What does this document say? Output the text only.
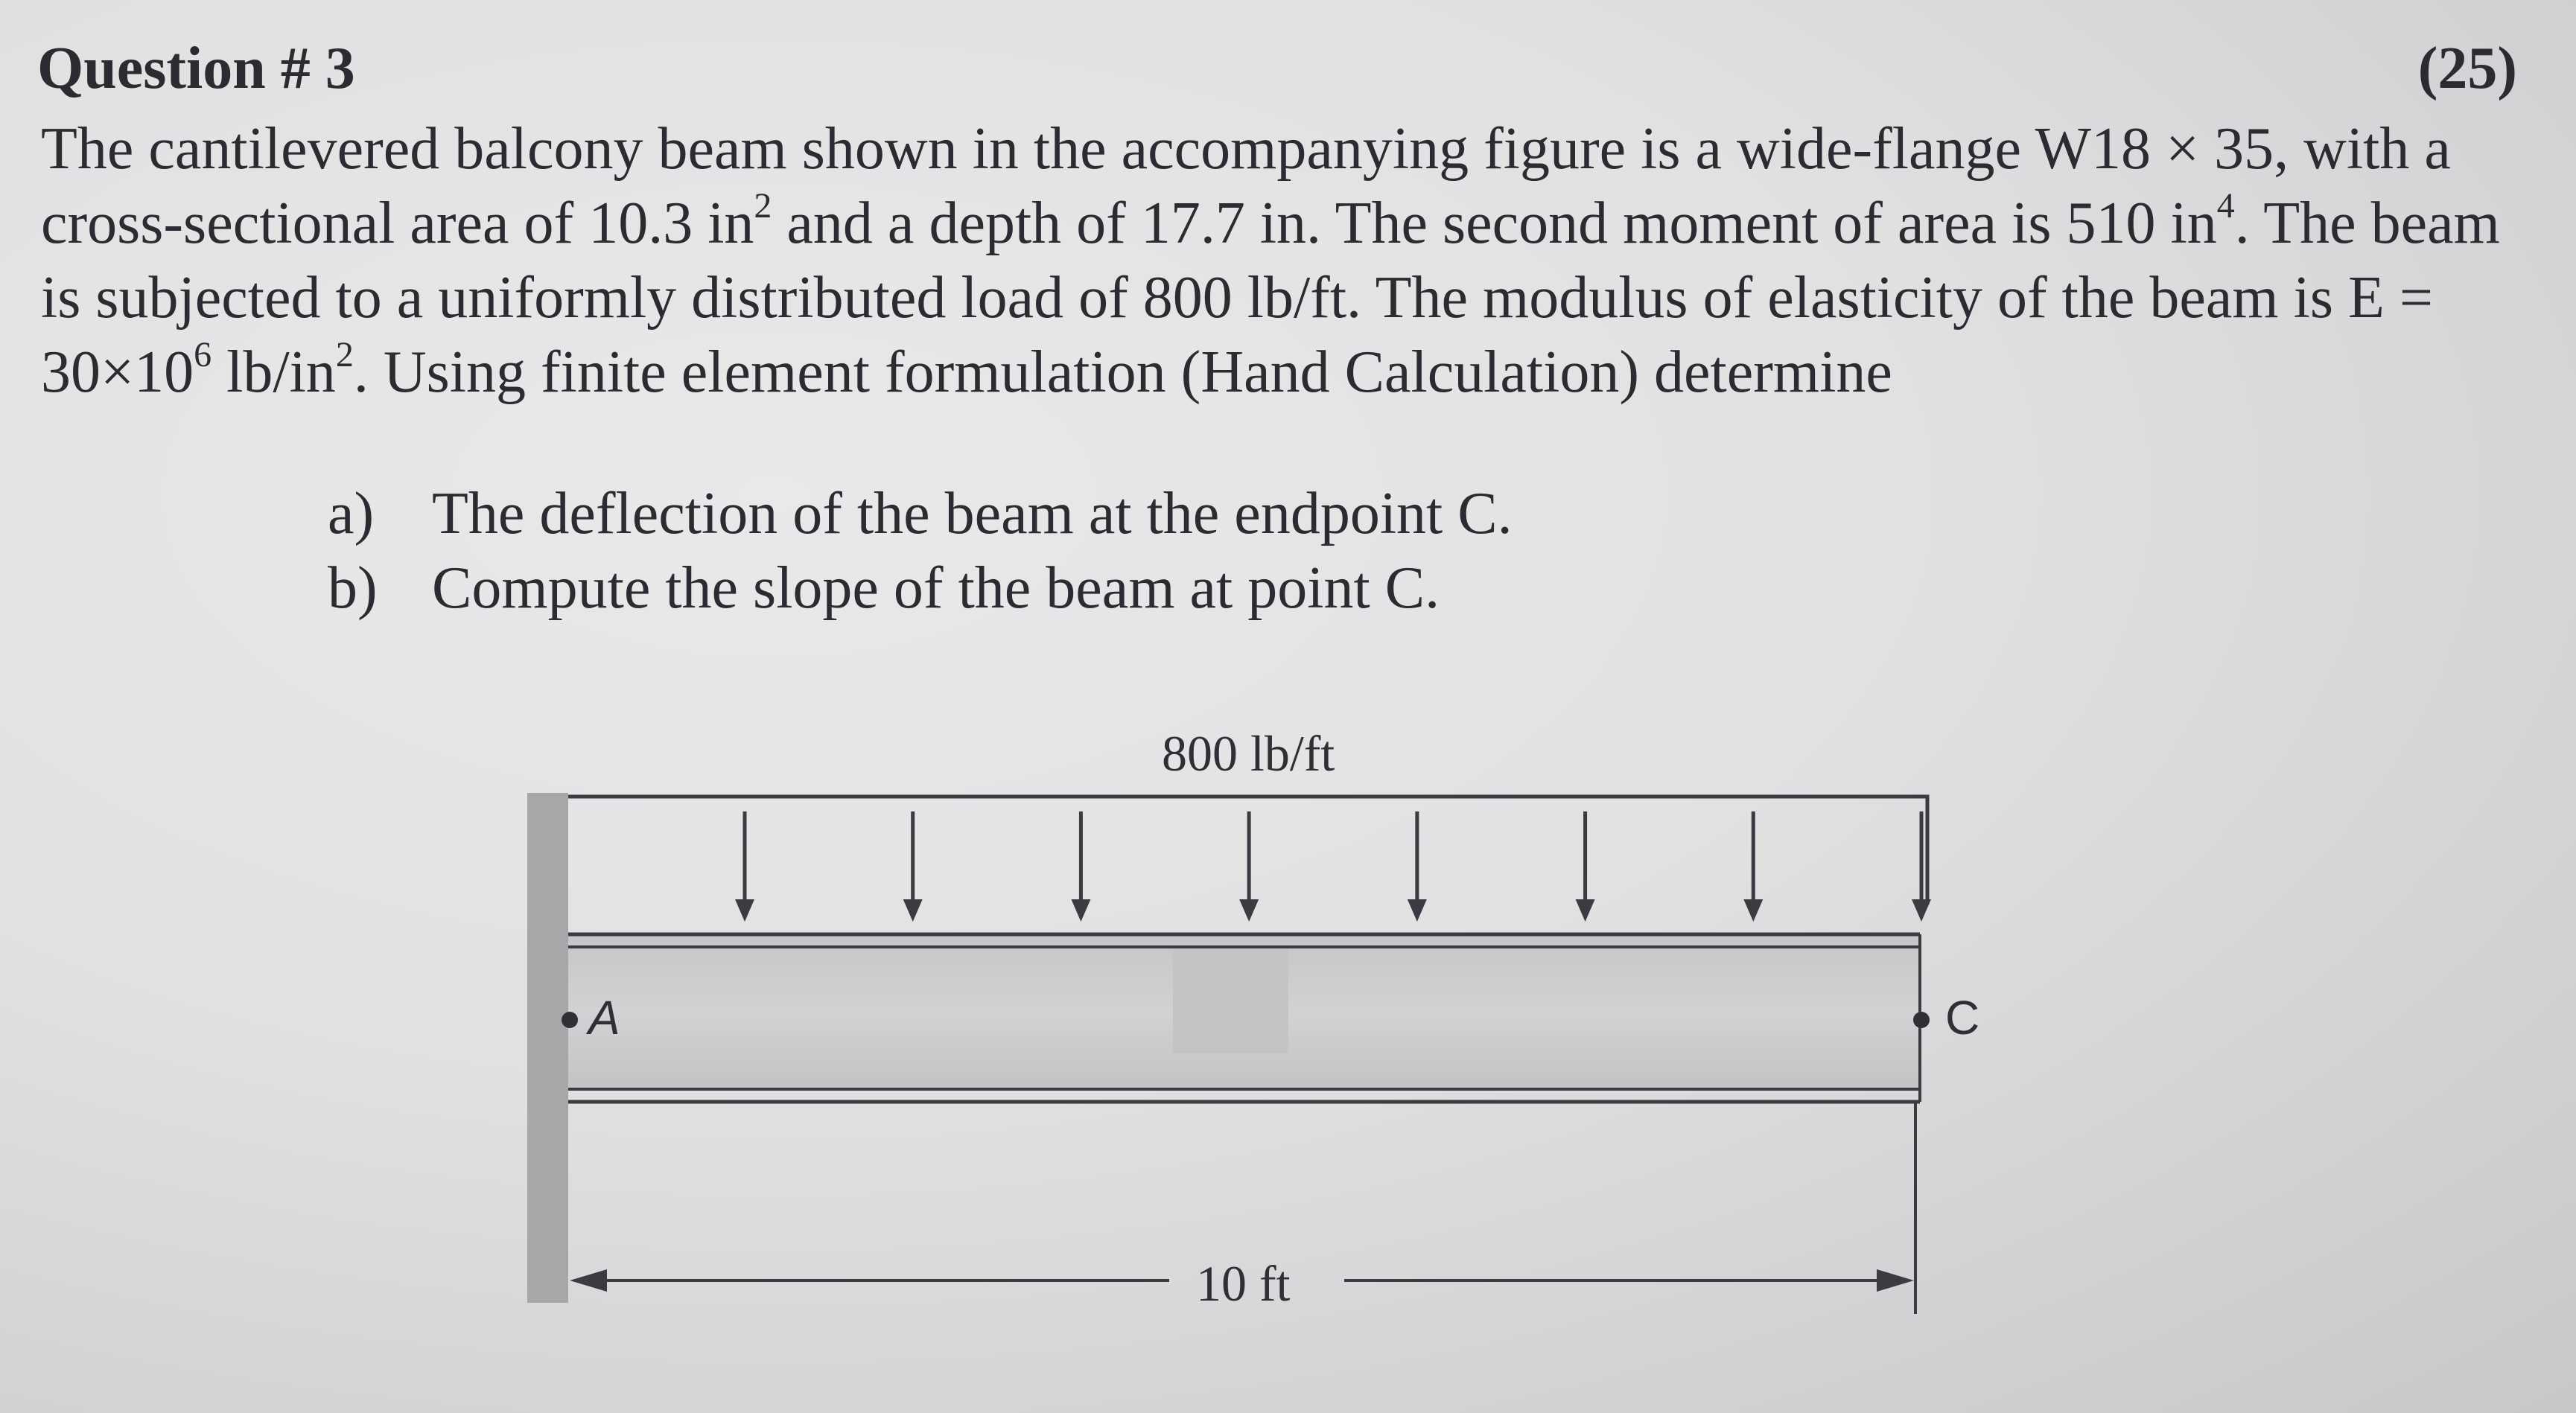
Question # 3	(25)

The cantilevered balcony beam shown in the accompanying figure is a wide-flange W18 × 35, with a cross-sectional area of 10.3 $in^2$ and a depth of 17.7 in. The second moment of area is 510 $in^4$. The beam is subjected to a uniformly distributed load of 800 lb/ft. The modulus of elasticity of the beam is $E = 30\times 10^6$ $lb/in^2$. Using finite element formulation (Hand Calculation) determine

a) The deflection of the beam at the endpoint C.
b) Compute the slope of the beam at point C.
800 lb/ft
A	C
10 ft
